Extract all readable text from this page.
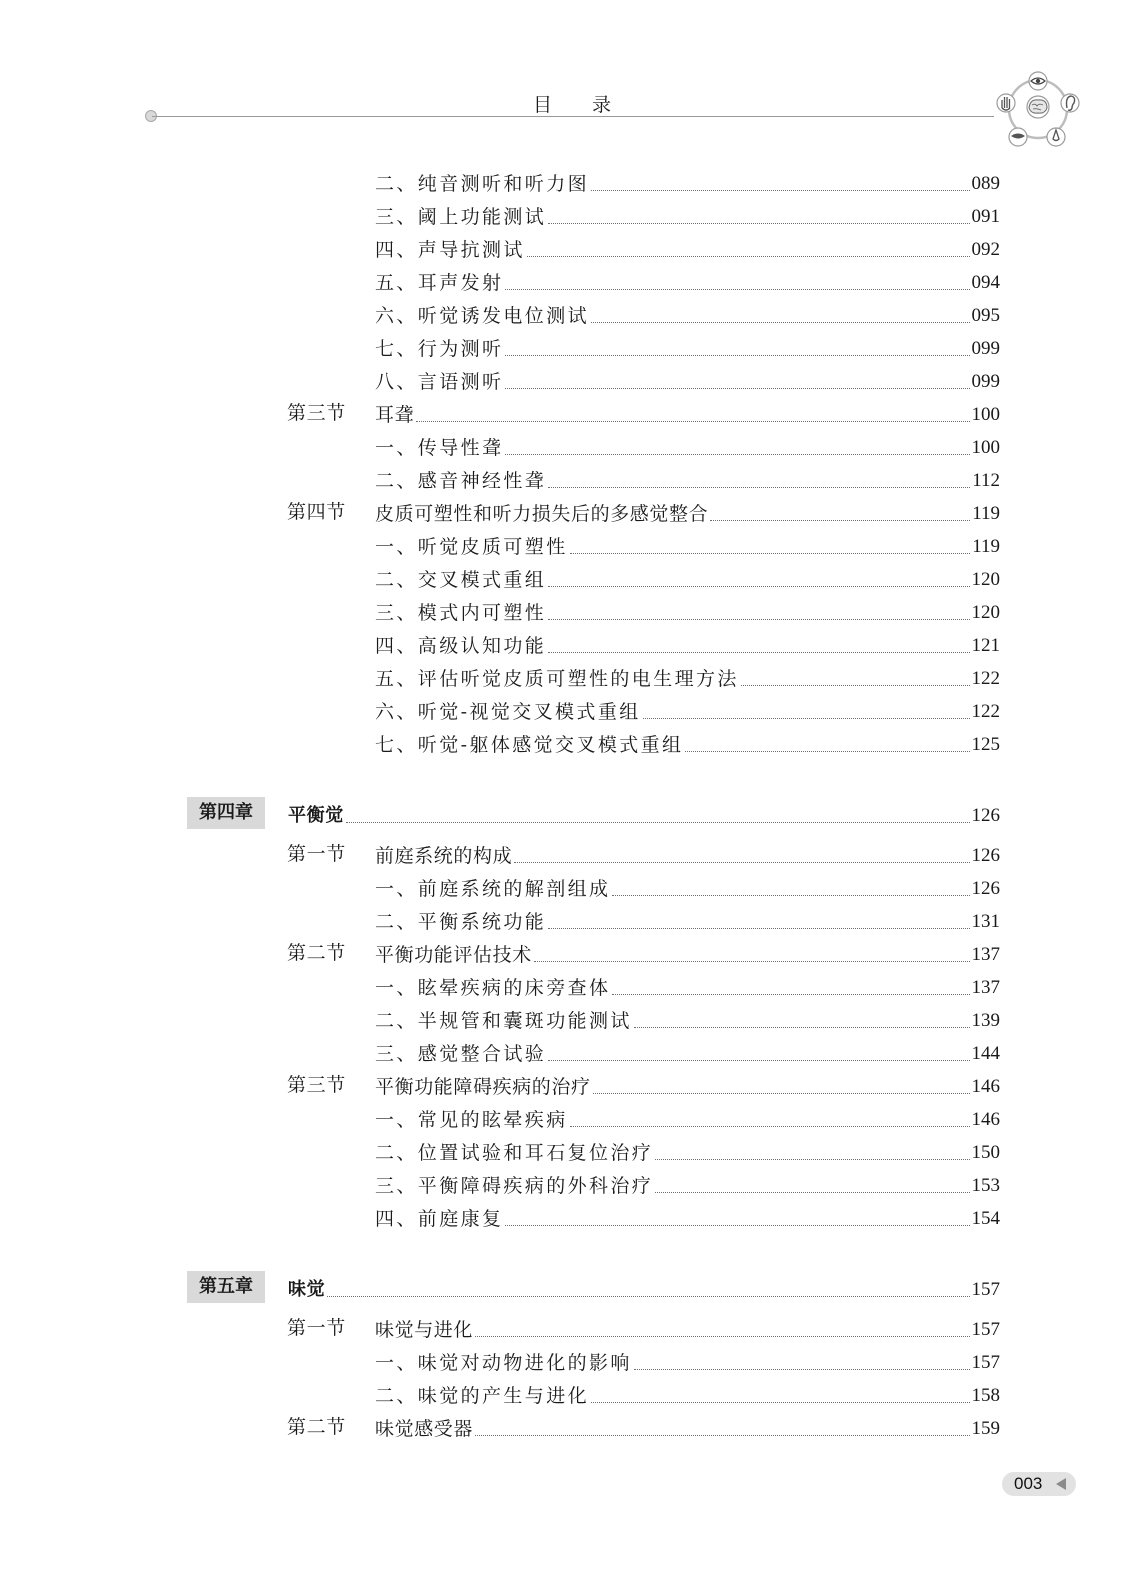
目 录
二、纯音测听和听力图	089
三、阈上功能测试	091
四、声导抗测试	092
五、耳声发射	094
六、听觉诱发电位测试	095
七、行为测听	099
八、言语测听	099
第三节 耳聋	100
一、传导性聋	100
二、感音神经性聋	112
第四节 皮质可塑性和听力损失后的多感觉整合	119
一、听觉皮质可塑性	119
二、交叉模式重组	120
三、模式内可塑性	120
四、高级认知功能	121
五、评估听觉皮质可塑性的电生理方法	122
六、听觉-视觉交叉模式重组	122
七、听觉-躯体感觉交叉模式重组	125
第四章	平衡觉	126
第一节 前庭系统的构成	126
一、前庭系统的解剖组成	126
二、平衡系统功能	131
第二节 平衡功能评估技术	137
一、眩晕疾病的床旁查体	137
二、半规管和囊斑功能测试	139
三、感觉整合试验	144
第三节 平衡功能障碍疾病的治疗	146
一、常见的眩晕疾病	146
二、位置试验和耳石复位治疗	150
三、平衡障碍疾病的外科治疗	153
四、前庭康复	154
第五章	味觉	157
第一节 味觉与进化	157
一、味觉对动物进化的影响	157
二、味觉的产生与进化	158
第二节 味觉感受器	159
003
